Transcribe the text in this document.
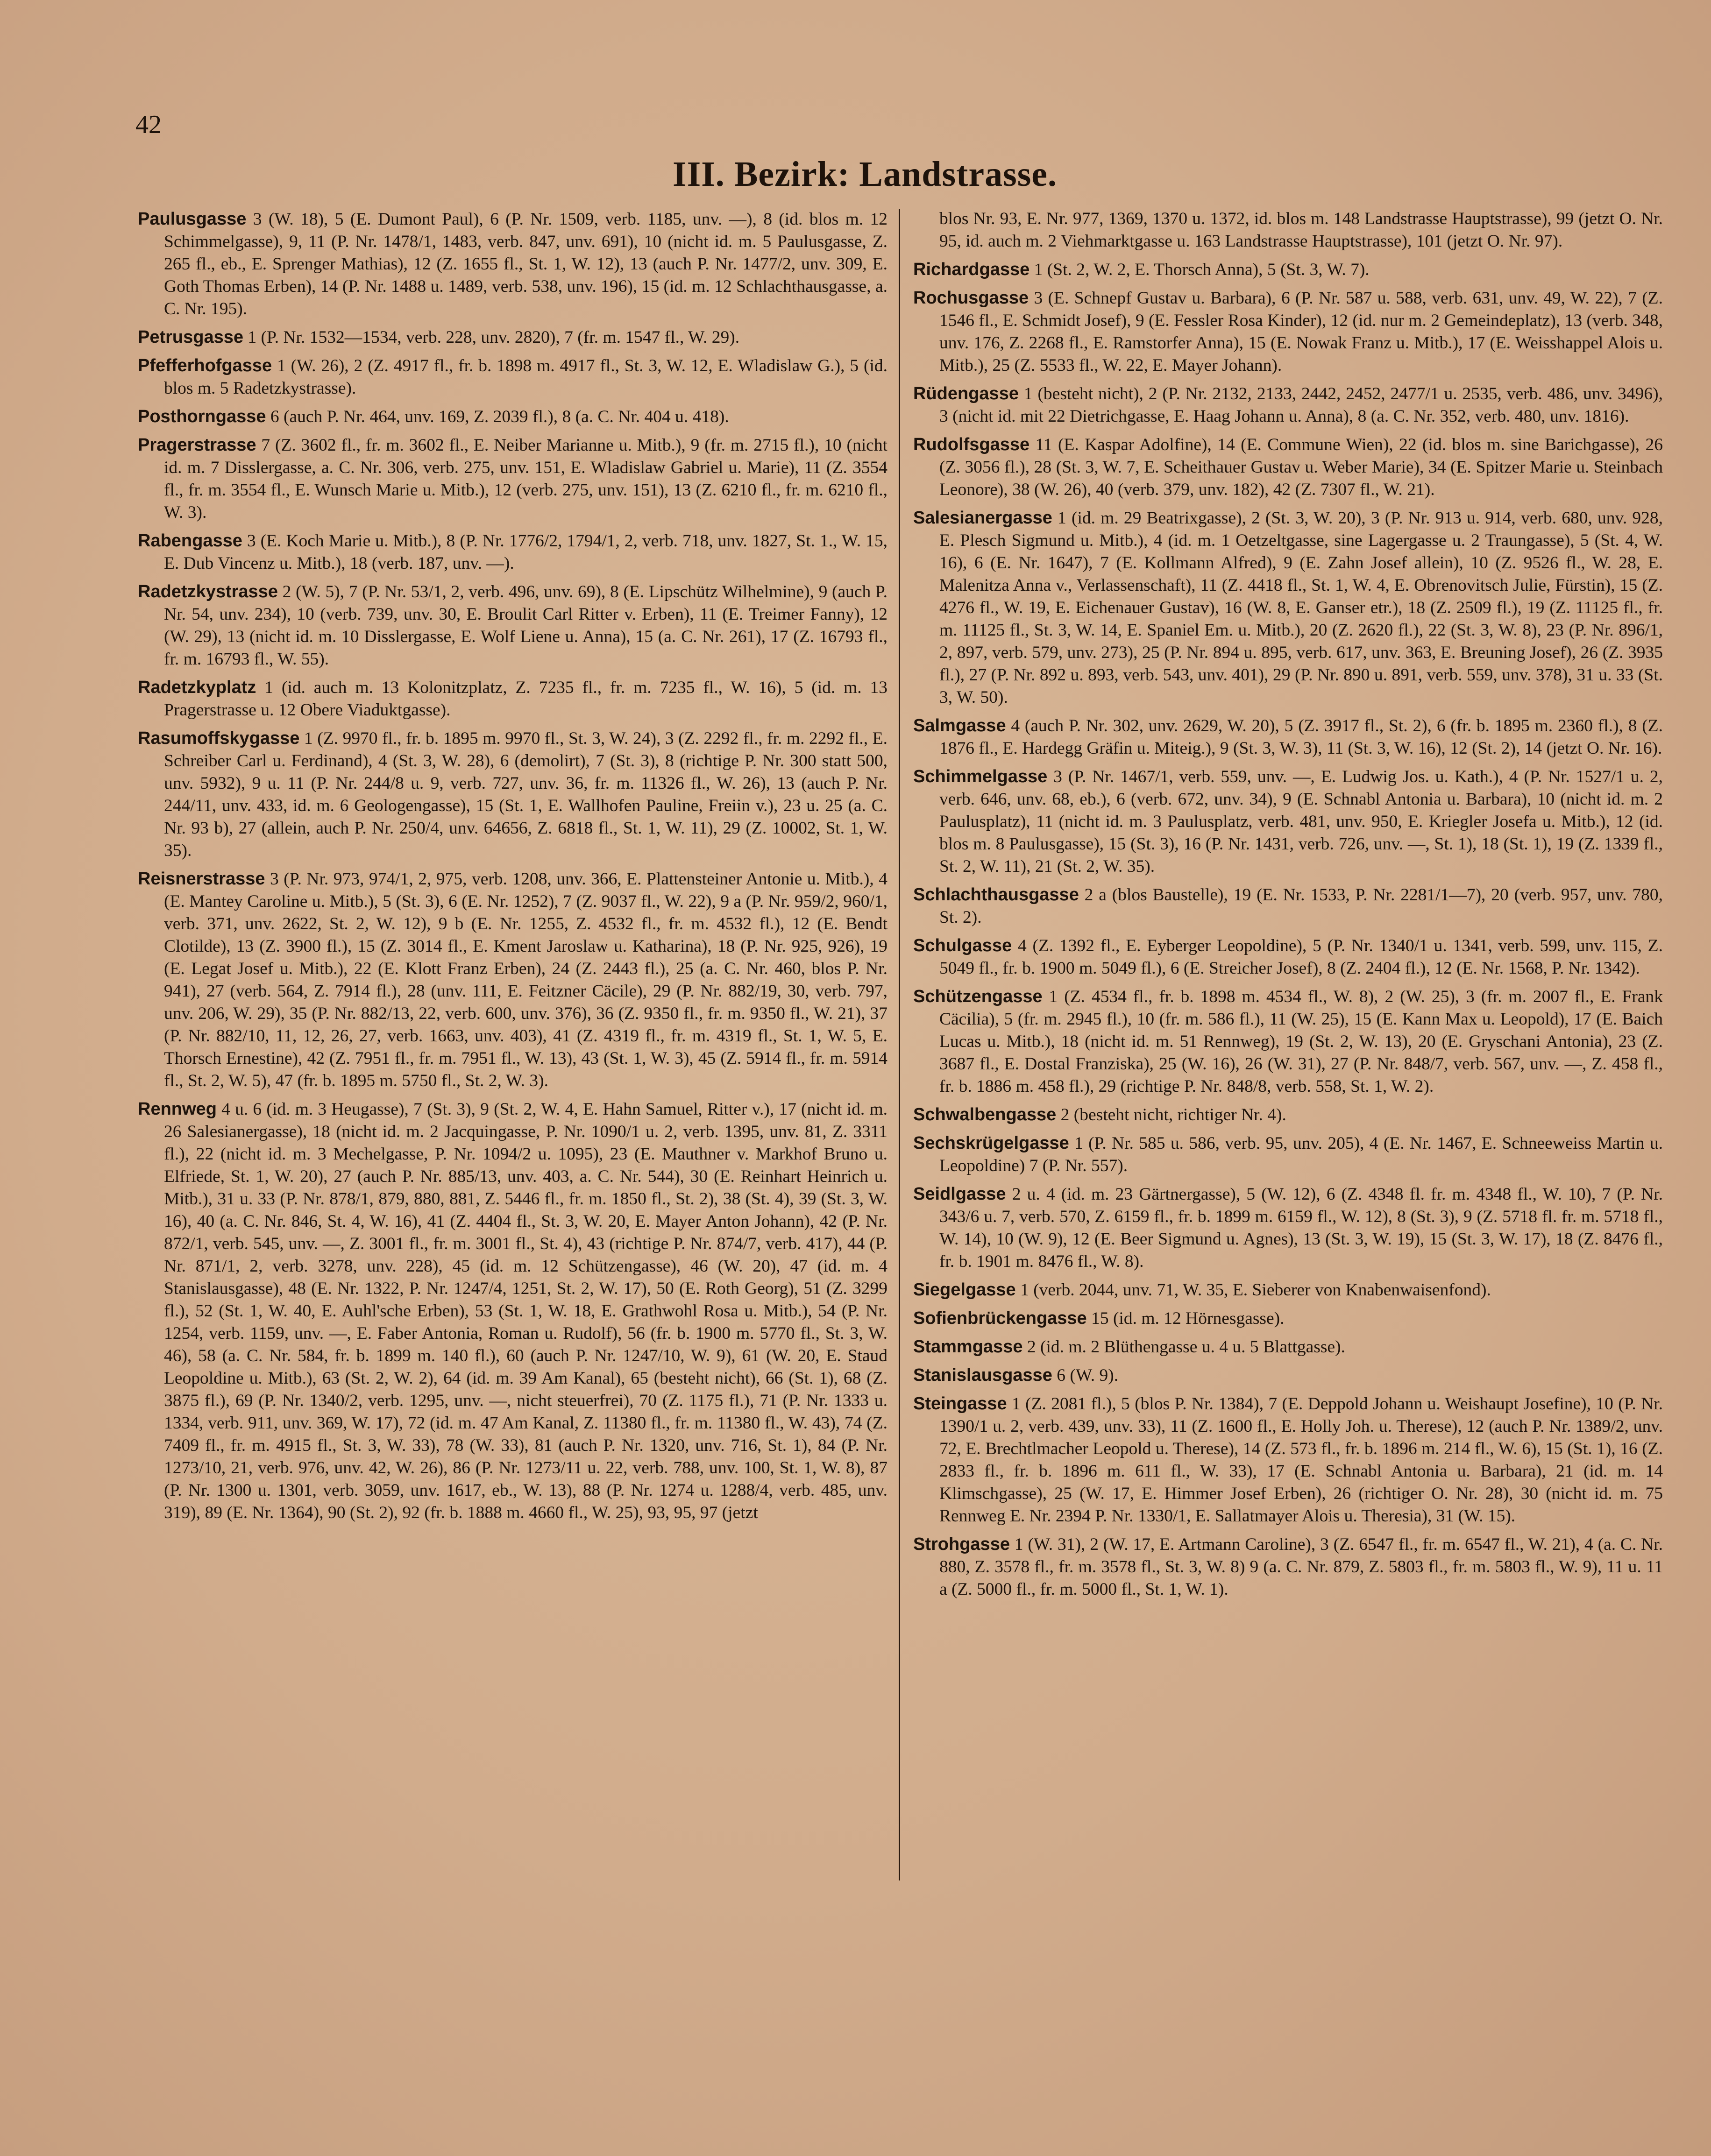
42
III. Bezirk: Landstrasse.

Paulusgasse 3 (W. 18), 5 (E. Dumont Paul), 6 (P. Nr. 1509, verb. 1185, unv. —), 8 (id. blos m. 12 Schimmelgasse), 9, 11 (P. Nr. 1478/1, 1483, verb. 847, unv. 691), 10 (nicht id. m. 5 Paulusgasse, Z. 265 fl., eb., E. Sprenger Mathias), 12 (Z. 1655 fl., St. 1, W. 12), 13 (auch P. Nr. 1477/2, unv. 309, E. Goth Thomas Erben), 14 (P. Nr. 1488 u. 1489, verb. 538, unv. 196), 15 (id. m. 12 Schlachthausgasse, a. C. Nr. 195).

Petrusgasse 1 (P. Nr. 1532—1534, verb. 228, unv. 2820), 7 (fr. m. 1547 fl., W. 29).

Pfefferhofgasse 1 (W. 26), 2 (Z. 4917 fl., fr. b. 1898 m. 4917 fl., St. 3, W. 12, E. Wladislaw G.), 5 (id. blos m. 5 Radetzkystrasse).

Posthorngasse 6 (auch P. Nr. 464, unv. 169, Z. 2039 fl.), 8 (a. C. Nr. 404 u. 418).

Pragerstrasse 7 (Z. 3602 fl., fr. m. 3602 fl., E. Neiber Marianne u. Mitb.), 9 (fr. m. 2715 fl.), 10 (nicht id. m. 7 Disslergasse, a. C. Nr. 306, verb. 275, unv. 151, E. Wladislaw Gabriel u. Marie), 11 (Z. 3554 fl., fr. m. 3554 fl., E. Wunsch Marie u. Mitb.), 12 (verb. 275, unv. 151), 13 (Z. 6210 fl., fr. m. 6210 fl., W. 3).

Rabengasse 3 (E. Koch Marie u. Mitb.), 8 (P. Nr. 1776/2, 1794/1, 2, verb. 718, unv. 1827, St. 1., W. 15, E. Dub Vincenz u. Mitb.), 18 (verb. 187, unv. —).

Radetzkystrasse 2 (W. 5), 7 (P. Nr. 53/1, 2, verb. 496, unv. 69), 8 (E. Lipschütz Wilhelmine), 9 (auch P. Nr. 54, unv. 234), 10 (verb. 739, unv. 30, E. Broulit Carl Ritter v. Erben), 11 (E. Treimer Fanny), 12 (W. 29), 13 (nicht id. m. 10 Disslergasse, E. Wolf Liene u. Anna), 15 (a. C. Nr. 261), 17 (Z. 16793 fl., fr. m. 16793 fl., W. 55).

Radetzkyplatz 1 (id. auch m. 13 Kolonitzplatz, Z. 7235 fl., fr. m. 7235 fl., W. 16), 5 (id. m. 13 Pragerstrasse u. 12 Obere Viaduktgasse).

Rasumoffskygasse 1 (Z. 9970 fl., fr. b. 1895 m. 9970 fl., St. 3, W. 24), 3 (Z. 2292 fl., fr. m. 2292 fl., E. Schreiber Carl u. Ferdinand), 4 (St. 3, W. 28), 6 (demolirt), 7 (St. 3), 8 (richtige P. Nr. 300 statt 500, unv. 5932), 9 u. 11 (P. Nr. 244/8 u. 9, verb. 727, unv. 36, fr. m. 11326 fl., W. 26), 13 (auch P. Nr. 244/11, unv. 433, id. m. 6 Geologengasse), 15 (St. 1, E. Wallhofen Pauline, Freiin v.), 23 u. 25 (a. C. Nr. 93 b), 27 (allein, auch P. Nr. 250/4, unv. 64656, Z. 6818 fl., St. 1, W. 11), 29 (Z. 10002, St. 1, W. 35).

Reisnerstrasse 3 (P. Nr. 973, 974/1, 2, 975, verb. 1208, unv. 366, E. Plattensteiner Antonie u. Mitb.), 4 (E. Mantey Caroline u. Mitb.), 5 (St. 3), 6 (E. Nr. 1252), 7 (Z. 9037 fl., W. 22), 9 a (P. Nr. 959/2, 960/1, verb. 371, unv. 2622, St. 2, W. 12), 9 b (E. Nr. 1255, Z. 4532 fl., fr. m. 4532 fl.), 12 (E. Bendt Clotilde), 13 (Z. 3900 fl.), 15 (Z. 3014 fl., E. Kment Jaroslaw u. Katharina), 18 (P. Nr. 925, 926), 19 (E. Legat Josef u. Mitb.), 22 (E. Klott Franz Erben), 24 (Z. 2443 fl.), 25 (a. C. Nr. 460, blos P. Nr. 941), 27 (verb. 564, Z. 7914 fl.), 28 (unv. 111, E. Feitzner Cäcile), 29 (P. Nr. 882/19, 30, verb. 797, unv. 206, W. 29), 35 (P. Nr. 882/13, 22, verb. 600, unv. 376), 36 (Z. 9350 fl., fr. m. 9350 fl., W. 21), 37 (P. Nr. 882/10, 11, 12, 26, 27, verb. 1663, unv. 403), 41 (Z. 4319 fl., fr. m. 4319 fl., St. 1, W. 5, E. Thorsch Ernestine), 42 (Z. 7951 fl., fr. m. 7951 fl., W. 13), 43 (St. 1, W. 3), 45 (Z. 5914 fl., fr. m. 5914 fl., St. 2, W. 5), 47 (fr. b. 1895 m. 5750 fl., St. 2, W. 3).

Rennweg 4 u. 6 (id. m. 3 Heugasse), 7 (St. 3), 9 (St. 2, W. 4, E. Hahn Samuel, Ritter v.), 17 (nicht id. m. 26 Salesianergasse), 18 (nicht id. m. 2 Jacquingasse, P. Nr. 1090/1 u. 2, verb. 1395, unv. 81, Z. 3311 fl.), 22 (nicht id. m. 3 Mechelgasse, P. Nr. 1094/2 u. 1095), 23 (E. Mauthner v. Markhof Bruno u. Elfriede, St. 1, W. 20), 27 (auch P. Nr. 885/13, unv. 403, a. C. Nr. 544), 30 (E. Reinhart Heinrich u. Mitb.), 31 u. 33 (P. Nr. 878/1, 879, 880, 881, Z. 5446 fl., fr. m. 1850 fl., St. 2), 38 (St. 4), 39 (St. 3, W. 16), 40 (a. C. Nr. 846, St. 4, W. 16), 41 (Z. 4404 fl., St. 3, W. 20, E. Mayer Anton Johann), 42 (P. Nr. 872/1, verb. 545, unv. —, Z. 3001 fl., fr. m. 3001 fl., St. 4), 43 (richtige P. Nr. 874/7, verb. 417), 44 (P. Nr. 871/1, 2, verb. 3278, unv. 228), 45 (id. m. 12 Schützengasse), 46 (W. 20), 47 (id. m. 4 Stanislausgasse), 48 (E. Nr. 1322, P. Nr. 1247/4, 1251, St. 2, W. 17), 50 (E. Roth Georg), 51 (Z. 3299 fl.), 52 (St. 1, W. 40, E. Auhl'sche Erben), 53 (St. 1, W. 18, E. Grathwohl Rosa u. Mitb.), 54 (P. Nr. 1254, verb. 1159, unv. —, E. Faber Antonia, Roman u. Rudolf), 56 (fr. b. 1900 m. 5770 fl., St. 3, W. 46), 58 (a. C. Nr. 584, fr. b. 1899 m. 140 fl.), 60 (auch P. Nr. 1247/10, W. 9), 61 (W. 20, E. Staud Leopoldine u. Mitb.), 63 (St. 2, W. 2), 64 (id. m. 39 Am Kanal), 65 (besteht nicht), 66 (St. 1), 68 (Z. 3875 fl.), 69 (P. Nr. 1340/2, verb. 1295, unv. —, nicht steuerfrei), 70 (Z. 1175 fl.), 71 (P. Nr. 1333 u. 1334, verb. 911, unv. 369, W. 17), 72 (id. m. 47 Am Kanal, Z. 11380 fl., fr. m. 11380 fl., W. 43), 74 (Z. 7409 fl., fr. m. 4915 fl., St. 3, W. 33), 78 (W. 33), 81 (auch P. Nr. 1320, unv. 716, St. 1), 84 (P. Nr. 1273/10, 21, verb. 976, unv. 42, W. 26), 86 (P. Nr. 1273/11 u. 22, verb. 788, unv. 100, St. 1, W. 8), 87 (P. Nr. 1300 u. 1301, verb. 3059, unv. 1617, eb., W. 13), 88 (P. Nr. 1274 u. 1288/4, verb. 485, unv. 319), 89 (E. Nr. 1364), 90 (St. 2), 92 (fr. b. 1888 m. 4660 fl., W. 25), 93, 95, 97 (jetzt

blos Nr. 93, E. Nr. 977, 1369, 1370 u. 1372, id. blos m. 148 Landstrasse Hauptstrasse), 99 (jetzt O. Nr. 95, id. auch m. 2 Viehmarktgasse u. 163 Landstrasse Hauptstrasse), 101 (jetzt O. Nr. 97).

Richardgasse 1 (St. 2, W. 2, E. Thorsch Anna), 5 (St. 3, W. 7).

Rochusgasse 3 (E. Schnepf Gustav u. Barbara), 6 (P. Nr. 587 u. 588, verb. 631, unv. 49, W. 22), 7 (Z. 1546 fl., E. Schmidt Josef), 9 (E. Fessler Rosa Kinder), 12 (id. nur m. 2 Gemeindeplatz), 13 (verb. 348, unv. 176, Z. 2268 fl., E. Ramstorfer Anna), 15 (E. Nowak Franz u. Mitb.), 17 (E. Weisshappel Alois u. Mitb.), 25 (Z. 5533 fl., W. 22, E. Mayer Johann).

Rüdengasse 1 (besteht nicht), 2 (P. Nr. 2132, 2133, 2442, 2452, 2477/1 u. 2535, verb. 486, unv. 3496), 3 (nicht id. mit 22 Dietrichgasse, E. Haag Johann u. Anna), 8 (a. C. Nr. 352, verb. 480, unv. 1816).

Rudolfsgasse 11 (E. Kaspar Adolfine), 14 (E. Commune Wien), 22 (id. blos m. sine Barichgasse), 26 (Z. 3056 fl.), 28 (St. 3, W. 7, E. Scheithauer Gustav u. Weber Marie), 34 (E. Spitzer Marie u. Steinbach Leonore), 38 (W. 26), 40 (verb. 379, unv. 182), 42 (Z. 7307 fl., W. 21).

Salesianergasse 1 (id. m. 29 Beatrixgasse), 2 (St. 3, W. 20), 3 (P. Nr. 913 u. 914, verb. 680, unv. 928, E. Plesch Sigmund u. Mitb.), 4 (id. m. 1 Oetzeltgasse, sine Lagergasse u. 2 Traungasse), 5 (St. 4, W. 16), 6 (E. Nr. 1647), 7 (E. Kollmann Alfred), 9 (E. Zahn Josef allein), 10 (Z. 9526 fl., W. 28, E. Malenitza Anna v., Verlassenschaft), 11 (Z. 4418 fl., St. 1, W. 4, E. Obrenovitsch Julie, Fürstin), 15 (Z. 4276 fl., W. 19, E. Eichenauer Gustav), 16 (W. 8, E. Ganser etr.), 18 (Z. 2509 fl.), 19 (Z. 11125 fl., fr. m. 11125 fl., St. 3, W. 14, E. Spaniel Em. u. Mitb.), 20 (Z. 2620 fl.), 22 (St. 3, W. 8), 23 (P. Nr. 896/1, 2, 897, verb. 579, unv. 273), 25 (P. Nr. 894 u. 895, verb. 617, unv. 363, E. Breuning Josef), 26 (Z. 3935 fl.), 27 (P. Nr. 892 u. 893, verb. 543, unv. 401), 29 (P. Nr. 890 u. 891, verb. 559, unv. 378), 31 u. 33 (St. 3, W. 50).

Salmgasse 4 (auch P. Nr. 302, unv. 2629, W. 20), 5 (Z. 3917 fl., St. 2), 6 (fr. b. 1895 m. 2360 fl.), 8 (Z. 1876 fl., E. Hardegg Gräfin u. Miteig.), 9 (St. 3, W. 3), 11 (St. 3, W. 16), 12 (St. 2), 14 (jetzt O. Nr. 16).

Schimmelgasse 3 (P. Nr. 1467/1, verb. 559, unv. —, E. Ludwig Jos. u. Kath.), 4 (P. Nr. 1527/1 u. 2, verb. 646, unv. 68, eb.), 6 (verb. 672, unv. 34), 9 (E. Schnabl Antonia u. Barbara), 10 (nicht id. m. 2 Paulusplatz), 11 (nicht id. m. 3 Paulusplatz, verb. 481, unv. 950, E. Kriegler Josefa u. Mitb.), 12 (id. blos m. 8 Paulusgasse), 15 (St. 3), 16 (P. Nr. 1431, verb. 726, unv. —, St. 1), 18 (St. 1), 19 (Z. 1339 fl., St. 2, W. 11), 21 (St. 2, W. 35).

Schlachthausgasse 2 a (blos Baustelle), 19 (E. Nr. 1533, P. Nr. 2281/1—7), 20 (verb. 957, unv. 780, St. 2).

Schulgasse 4 (Z. 1392 fl., E. Eyberger Leopoldine), 5 (P. Nr. 1340/1 u. 1341, verb. 599, unv. 115, Z. 5049 fl., fr. b. 1900 m. 5049 fl.), 6 (E. Streicher Josef), 8 (Z. 2404 fl.), 12 (E. Nr. 1568, P. Nr. 1342).

Schützengasse 1 (Z. 4534 fl., fr. b. 1898 m. 4534 fl., W. 8), 2 (W. 25), 3 (fr. m. 2007 fl., E. Frank Cäcilia), 5 (fr. m. 2945 fl.), 10 (fr. m. 586 fl.), 11 (W. 25), 15 (E. Kann Max u. Leopold), 17 (E. Baich Lucas u. Mitb.), 18 (nicht id. m. 51 Rennweg), 19 (St. 2, W. 13), 20 (E. Gryschani Antonia), 23 (Z. 3687 fl., E. Dostal Franziska), 25 (W. 16), 26 (W. 31), 27 (P. Nr. 848/7, verb. 567, unv. —, Z. 458 fl., fr. b. 1886 m. 458 fl.), 29 (richtige P. Nr. 848/8, verb. 558, St. 1, W. 2).

Schwalbengasse 2 (besteht nicht, richtiger Nr. 4).

Sechskrügelgasse 1 (P. Nr. 585 u. 586, verb. 95, unv. 205), 4 (E. Nr. 1467, E. Schneeweiss Martin u. Leopoldine) 7 (P. Nr. 557).

Seidlgasse 2 u. 4 (id. m. 23 Gärtnergasse), 5 (W. 12), 6 (Z. 4348 fl. fr. m. 4348 fl., W. 10), 7 (P. Nr. 343/6 u. 7, verb. 570, Z. 6159 fl., fr. b. 1899 m. 6159 fl., W. 12), 8 (St. 3), 9 (Z. 5718 fl. fr. m. 5718 fl., W. 14), 10 (W. 9), 12 (E. Beer Sigmund u. Agnes), 13 (St. 3, W. 19), 15 (St. 3, W. 17), 18 (Z. 8476 fl., fr. b. 1901 m. 8476 fl., W. 8).

Siegelgasse 1 (verb. 2044, unv. 71, W. 35, E. Sieberer von Knabenwaisenfond).

Sofienbrückengasse 15 (id. m. 12 Hörnesgasse).

Stammgasse 2 (id. m. 2 Blüthengasse u. 4 u. 5 Blattgasse).

Stanislausgasse 6 (W. 9).

Steingasse 1 (Z. 2081 fl.), 5 (blos P. Nr. 1384), 7 (E. Deppold Johann u. Weishaupt Josefine), 10 (P. Nr. 1390/1 u. 2, verb. 439, unv. 33), 11 (Z. 1600 fl., E. Holly Joh. u. Therese), 12 (auch P. Nr. 1389/2, unv. 72, E. Brechtlmacher Leopold u. Therese), 14 (Z. 573 fl., fr. b. 1896 m. 214 fl., W. 6), 15 (St. 1), 16 (Z. 2833 fl., fr. b. 1896 m. 611 fl., W. 33), 17 (E. Schnabl Antonia u. Barbara), 21 (id. m. 14 Klimschgasse), 25 (W. 17, E. Himmer Josef Erben), 26 (richtiger O. Nr. 28), 30 (nicht id. m. 75 Rennweg E. Nr. 2394 P. Nr. 1330/1, E. Sallatmayer Alois u. Theresia), 31 (W. 15).

Strohgasse 1 (W. 31), 2 (W. 17, E. Artmann Caroline), 3 (Z. 6547 fl., fr. m. 6547 fl., W. 21), 4 (a. C. Nr. 880, Z. 3578 fl., fr. m. 3578 fl., St. 3, W. 8) 9 (a. C. Nr. 879, Z. 5803 fl., fr. m. 5803 fl., W. 9), 11 u. 11 a (Z. 5000 fl., fr. m. 5000 fl., St. 1, W. 1).
